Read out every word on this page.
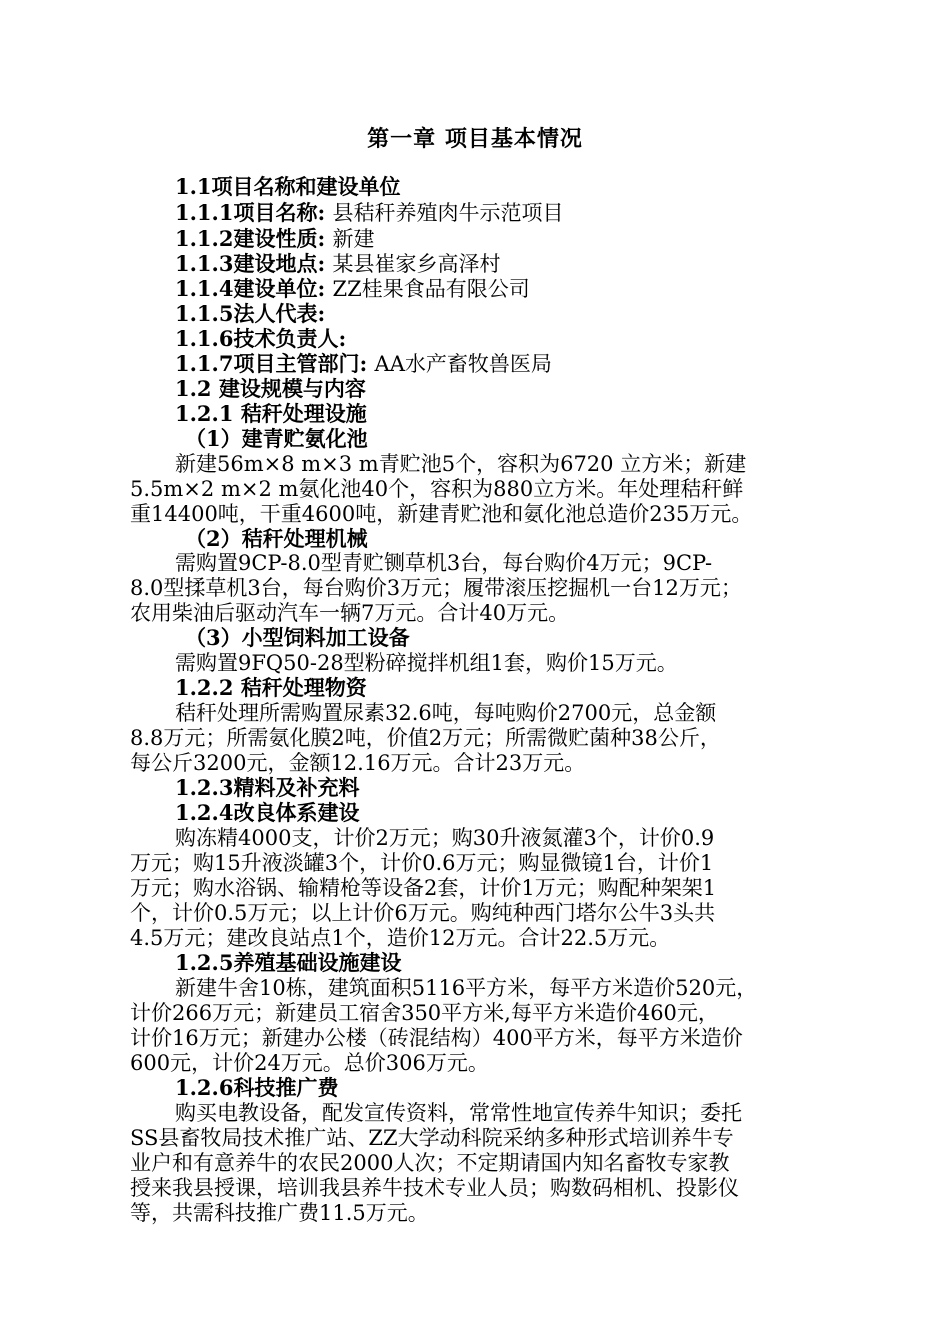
第一章 项目基本情况
1.1项目名称和建设单位
1.1.1项目名称: 县秸秆养殖肉牛示范项目
1.1.2建设性质: 新建
1.1.3建设地点: 某县崔家乡高泽村
1.1.4建设单位: ZZ桂果食品有限公司
1.1.5法人代表:
1.1.6技术负责人:
1.1.7项目主管部门: AA水产畜牧兽医局
1.2 建设规模与内容
1.2.1 秸秆处理设施
（1）建青贮氨化池
新建56m×8 m×3 m青贮池5个，容积为6720 立方米；新建
5.5m×2 m×2 m氨化池40个，容积为880立方米。年处理秸秆鲜
重14400吨，干重4600吨，新建青贮池和氨化池总造价235万元。
（2）秸秆处理机械
需购置9CP-8.0型青贮铡草机3台，每台购价4万元；9CP-
8.0型揉草机3台，每台购价3万元；履带滚压挖掘机一台12万元；
农用柴油后驱动汽车一辆7万元。合计40万元。
（3）小型饲料加工设备
需购置9FQ50-28型粉碎搅拌机组1套，购价15万元。
1.2.2 秸秆处理物资
秸秆处理所需购置尿素32.6吨，每吨购价2700元，总金额
8.8万元；所需氨化膜2吨，价值2万元；所需微贮菌种38公斤，
每公斤3200元，金额12.16万元。合计23万元。
1.2.3精料及补充料
1.2.4改良体系建设
购冻精4000支，计价2万元；购30升液氮灌3个，计价0.9
万元；购15升液淡罐3个，计价0.6万元；购显微镜1台，计价1
万元；购水浴锅、输精枪等设备2套，计价1万元；购配种架架1
个，计价0.5万元；以上计价6万元。购纯种西门塔尔公牛3头共
4.5万元；建改良站点1个，造价12万元。合计22.5万元。
1.2.5养殖基础设施建设
新建牛舍10栋，建筑面积5116平方米，每平方米造价520元，
计价266万元；新建员工宿舍350平方米,每平方米造价460元，
计价16万元；新建办公楼（砖混结构）400平方米，每平方米造价
600元，计价24万元。总价306万元。
1.2.6科技推广费
购买电教设备，配发宣传资料，常常性地宣传养牛知识；委托
SS县畜牧局技术推广站、ZZ大学动科院采纳多种形式培训养牛专
业户和有意养牛的农民2000人次；不定期请国内知名畜牧专家教
授来我县授课，培训我县养牛技术专业人员；购数码相机、投影仪
等，共需科技推广费11.5万元。
